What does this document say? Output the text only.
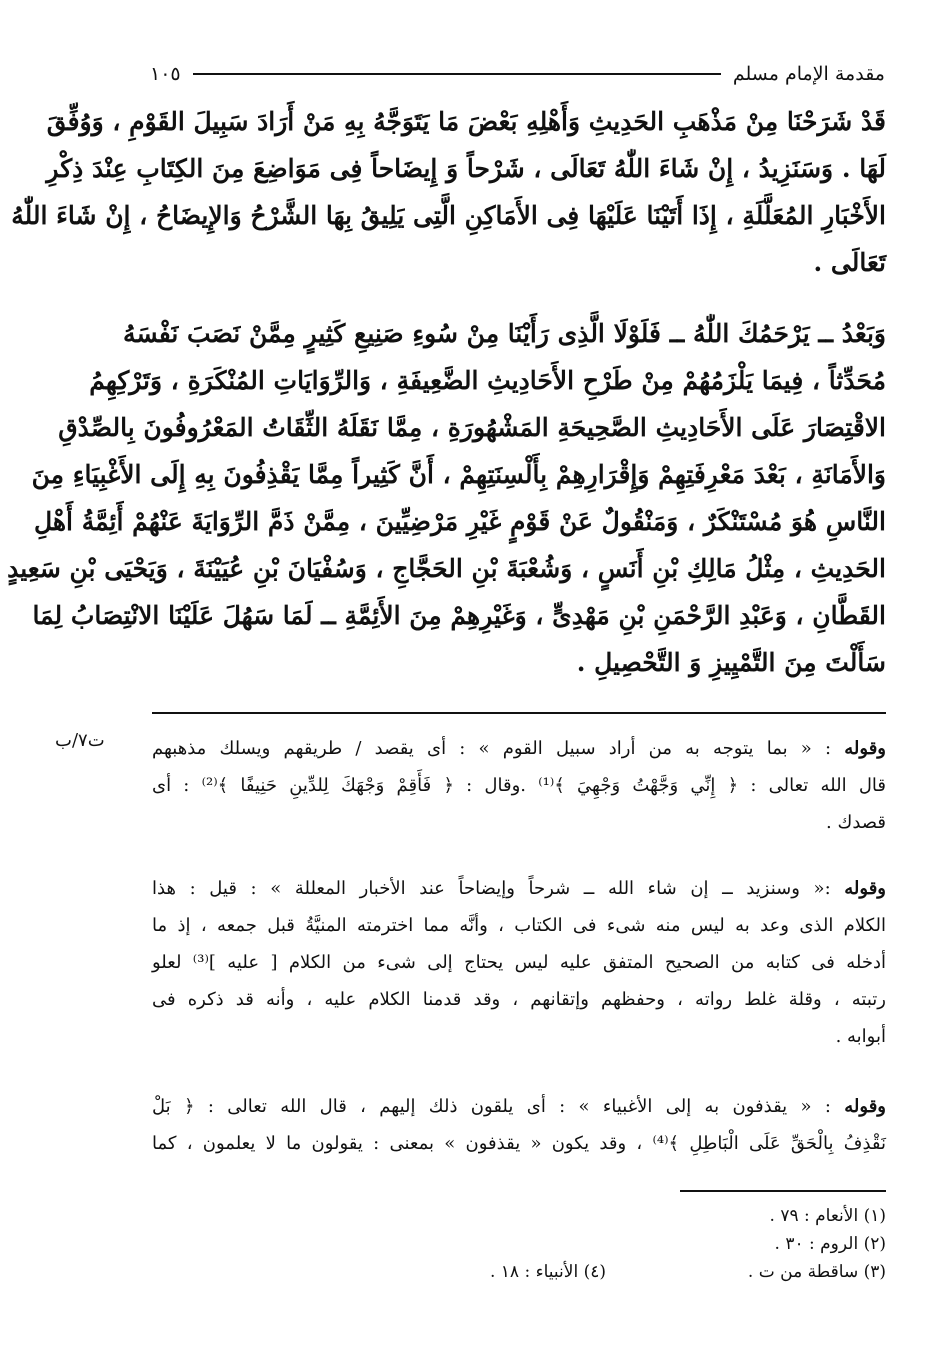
مقدمة الإمام مسلم
١٠٥
قَدْ شَرَحْنَا مِنْ مَذْهَبِ الحَدِيثِ وَأَهْلِهِ بَعْضَ مَا يَتَوَجَّهُ بِهِ مَنْ أَرَادَ سَبِيلَ القَوْمِ ، وَوُفِّقَ
لَهَا . وَسَنَزِيدُ ، إِنْ شَاءَ اللّٰهُ تَعَالَى ، شَرْحاً وَ إِيضَاحاً فِى مَوَاضِعَ مِنَ الكِتَابِ عِنْدَ ذِكْرِ
الأَخْبَارِ المُعَلَّلَةِ ، إِذَا أَتَيْنَا عَلَيْهَا فِى الأَمَاكِنِ الَّتِى يَلِيقُ بِهَا الشَّرْحُ وَالإِيضَاحُ ، إِنْ شَاءَ اللّٰهُ
تَعَالَى .
وَبَعْدُ ــ يَرْحَمُكَ اللّٰهُ ــ فَلَوْلَا الَّذِى رَأَيْنَا مِنْ سُوءِ صَنِيعِ كَثِيرٍ مِمَّنْ نَصَبَ نَفْسَهُ
مُحَدِّثاً ، فِيمَا يَلْزَمُهُمْ مِنْ طَرْحِ الأَحَادِيثِ الضَّعِيفَةِ ، وَالرِّوَايَاتِ المُنْكَرَةِ ، وَتَرْكِهِمُ
الاقْتِصَارَ عَلَى الأَحَادِيثِ الصَّحِيحَةِ المَشْهُورَةِ ، مِمَّا نَقَلَهُ الثِّقَاتُ المَعْرُوفُونَ بِالصِّدْقِ
وَالأَمَانَةِ ، بَعْدَ مَعْرِفَتِهِمْ وَإِقْرَارِهِمْ بِأَلْسِنَتِهِمْ ، أَنَّ كَثِيراً مِمَّا يَقْذِفُونَ بِهِ إِلَى الأَغْبِيَاءِ مِنَ
النَّاسِ هُوَ مُسْتَنْكَرٌ ، وَمَنْقُولٌ عَنْ قَوْمٍ غَيْرِ مَرْضِيِّينَ ، مِمَّنْ ذَمَّ الرِّوَايَةَ عَنْهُمْ أَئِمَّةُ أَهْلِ
الحَدِيثِ ، مِثْلُ مَالِكِ بْنِ أَنَسٍ ، وَشُعْبَةَ بْنِ الحَجَّاجِ ، وَسُفْيَانَ بْنِ عُيَيْنَةَ ، وَيَحْيَى بْنِ سَعِيدٍ
القَطَّانِ ، وَعَبْدِ الرَّحْمَنِ بْنِ مَهْدِىٍّ ، وَغَيْرِهِمْ مِنَ الأَئِمَّةِ ــ لَمَا سَهُلَ عَلَيْنَا الانْتِصَابُ لِمَا
سَأَلْتَ مِنَ التَّمْيِيزِ وَ التَّحْصِيلِ .
ت٧/ب	وقوله : « بما يتوجه به من أراد سبيل القوم » : أى يقصد / طريقهم ويسلك مذهبهم
قال الله تعالى : ﴿ إِنِّي وَجَّهْتُ وَجْهِيَ ﴾⁽¹⁾ .وقال : ﴿ فَأَقِمْ وَجْهَكَ لِلدِّينِ حَنِيفًا ﴾⁽²⁾ : أى
قصدك .
وقوله :« وسنزيد ــ إن شاء الله ــ شرحاً وإيضاحاً عند الأخبار المعللة » : قيل : هذا
الكلام الذى وعد به ليس منه شىء فى الكتاب ، وأنَّه مما اخترمته المنيَّةُ قبل جمعه ، إذ ما
أدخله فى كتابه من الصحيح المتفق عليه ليس يحتاج إلى شىء من الكلام [ عليه ]⁽³⁾ لعلو
رتبته ، وقلة غلط رواته ، وحفظهم وإتقانهم ، وقد قدمنا الكلام عليه ، وأنه قد ذكره فى
أبوابه .
وقوله : « يقذفون به إلى الأغبياء » : أى يلقون ذلك إليهم ، قال الله تعالى : ﴿ بَلْ
نَقْذِفُ بِالْحَقِّ عَلَى الْبَاطِلِ ﴾⁽⁴⁾ ، وقد يكون « يقذفون » بمعنى : يقولون ما لا يعلمون ، كما
(١) الأنعام : ٧٩ .
(٢) الروم : ٣٠ .
(٣) ساقطة من ت .
(٤) الأنبياء : ١٨ .
